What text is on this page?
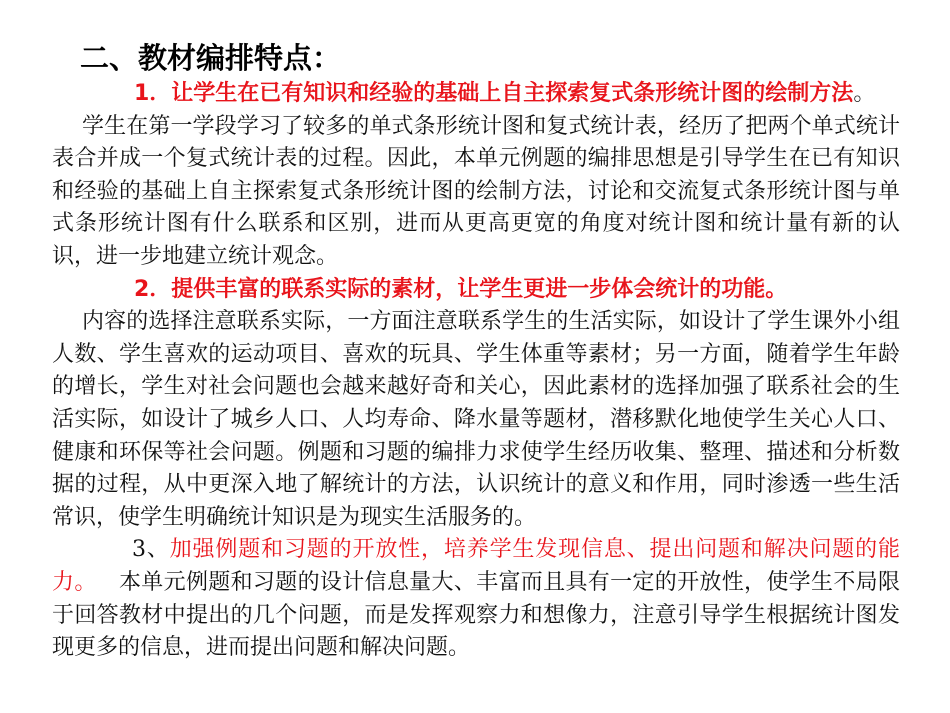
二、教材编排特点：

1．让学生在已有知识和经验的基础上自主探索复式条形统计图的绘制方法。

学生在第一学段学习了较多的单式条形统计图和复式统计表，经历了把两个单式统计表合并成一个复式统计表的过程。因此，本单元例题的编排思想是引导学生在已有知识和经验的基础上自主探索复式条形统计图的绘制方法，讨论和交流复式条形统计图与单式条形统计图有什么联系和区别，进而从更高更宽的角度对统计图和统计量有新的认识，进一步地建立统计观念。

2．提供丰富的联系实际的素材，让学生更进一步体会统计的功能。

内容的选择注意联系实际，一方面注意联系学生的生活实际，如设计了学生课外小组人数、学生喜欢的运动项目、喜欢的玩具、学生体重等素材；另一方面，随着学生年龄的增长，学生对社会问题也会越来越好奇和关心，因此素材的选择加强了联系社会的生活实际，如设计了城乡人口、人均寿命、降水量等题材，潜移默化地使学生关心人口、健康和环保等社会问题。例题和习题的编排力求使学生经历收集、整理、描述和分析数据的过程，从中更深入地了解统计的方法，认识统计的意义和作用，同时渗透一些生活常识，使学生明确统计知识是为现实生活服务的。

3、加强例题和习题的开放性，培养学生发现信息、提出问题和解决问题的能力。  本单元例题和习题的设计信息量大、丰富而且具有一定的开放性，使学生不局限于回答教材中提出的几个问题，而是发挥观察力和想像力，注意引导学生根据统计图发现更多的信息，进而提出问题和解决问题。
